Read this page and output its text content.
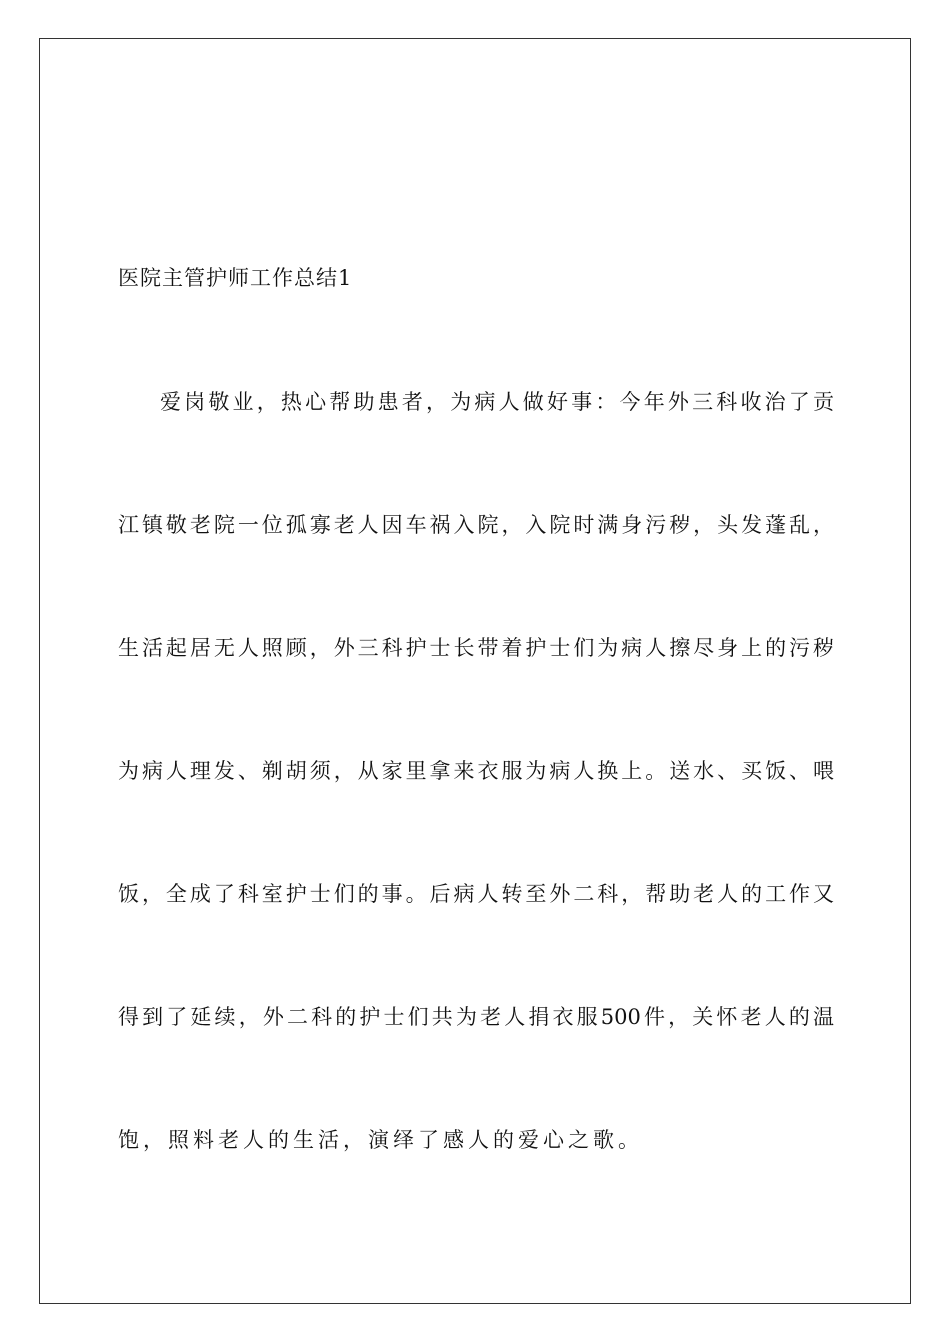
医院主管护师工作总结1
爱岗敬业，热心帮助患者，为病人做好事：今年外三科收治了贡
江镇敬老院一位孤寡老人因车祸入院，入院时满身污秽，头发蓬乱，
生活起居无人照顾，外三科护士长带着护士们为病人擦尽身上的污秽
为病人理发、剃胡须，从家里拿来衣服为病人换上。送水、买饭、喂
饭，全成了科室护士们的事。后病人转至外二科，帮助老人的工作又
得到了延续，外二科的护士们共为老人捐衣服500件，关怀老人的温
饱，照料老人的生活，演绎了感人的爱心之歌。
